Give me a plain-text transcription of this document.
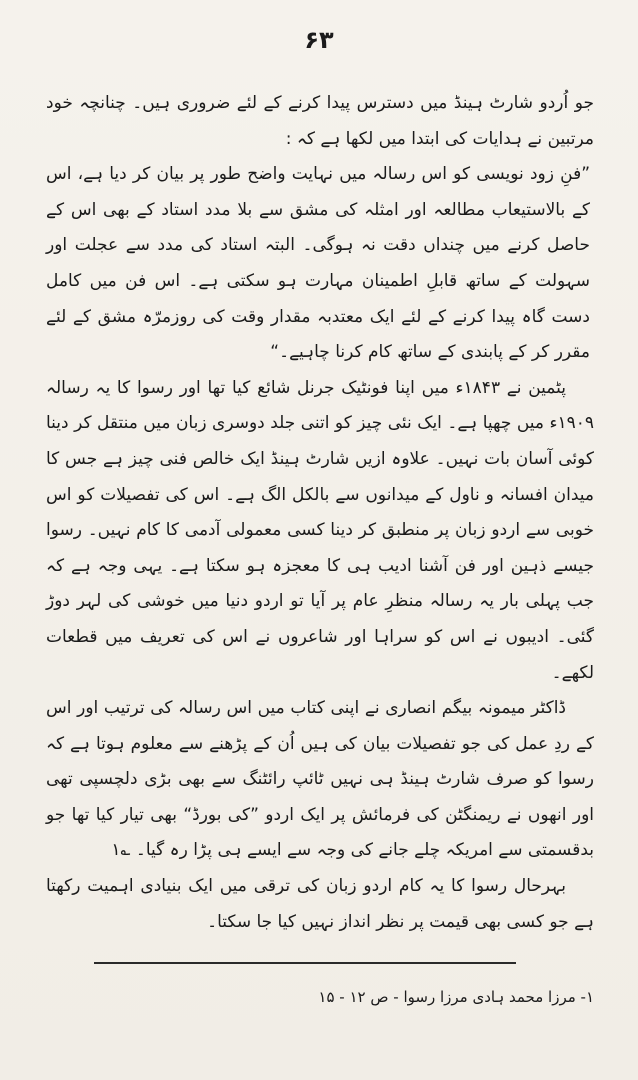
۶۳

جو اُردو شارٹ ہینڈ میں دسترس پیدا کرنے کے لئے ضروری ہیں۔ چنانچہ خود مرتبین نے ہدایات کی ابتدا میں لکھا ہے کہ :

”فنِ زود نویسی کو اس رسالہ میں نہایت واضح طور پر بیان کر دیا ہے، اس کے بالاستیعاب مطالعہ اور امثلہ کی مشق سے بلا مدد استاد کے بھی اس کے حاصل کرنے میں چنداں دقت نہ ہوگی۔ البتہ استاد کی مدد سے عجلت اور سہولت کے ساتھ قابلِ اطمینان مہارت ہو سکتی ہے۔ اس فن میں کامل دست گاہ پیدا کرنے کے لئے ایک معتدبہ مقدار وقت کی روزمرّہ مشق کے لئے مقرر کر کے پابندی کے ساتھ کام کرنا چاہیے۔“

پٹمین نے ۱۸۴۳ء میں اپنا فونٹیک جرنل شائع کیا تھا اور رسوا کا یہ رسالہ ۱۹۰۹ء میں چھپا ہے۔ ایک نئی چیز کو اتنی جلد دوسری زبان میں منتقل کر دینا کوئی آسان بات نہیں۔ علاوہ ازیں شارٹ ہینڈ ایک خالص فنی چیز ہے جس کا میدان افسانہ و ناول کے میدانوں سے بالکل الگ ہے۔ اس کی تفصیلات کو اس خوبی سے اردو زبان پر منطبق کر دینا کسی معمولی آدمی کا کام نہیں۔ رسوا جیسے ذہین اور فن آشنا ادیب ہی کا معجزہ ہو سکتا ہے۔ یہی وجہ ہے کہ جب پہلی بار یہ رسالہ منظرِ عام پر آیا تو اردو دنیا میں خوشی کی لہر دوڑ گئی۔ ادیبوں نے اس کو سراہا اور شاعروں نے اس کی تعریف میں قطعات لکھے۔

ڈاکٹر میمونہ بیگم انصاری نے اپنی کتاب میں اس رسالہ کی ترتیب اور اس کے ردِ عمل کی جو تفصیلات بیان کی ہیں اُن کے پڑھنے سے معلوم ہوتا ہے کہ رسوا کو صرف شارٹ ہینڈ ہی نہیں ٹائپ رائٹنگ سے بھی بڑی دلچسپی تھی اور انھوں نے ریمنگٹن کی فرمائش پر ایک اردو ”کی بورڈ“ بھی تیار کیا تھا جو بدقسمتی سے امریکہ چلے جانے کی وجہ سے ایسے ہی پڑا رہ گیا۔ ؎۱

بہرحال رسوا کا یہ کام اردو زبان کی ترقی میں ایک بنیادی اہمیت رکھتا ہے جو کسی بھی قیمت پر نظر انداز نہیں کیا جا سکتا۔

۱- مرزا محمد ہادی مرزا رسوا - ص ۱۲ - ۱۵
